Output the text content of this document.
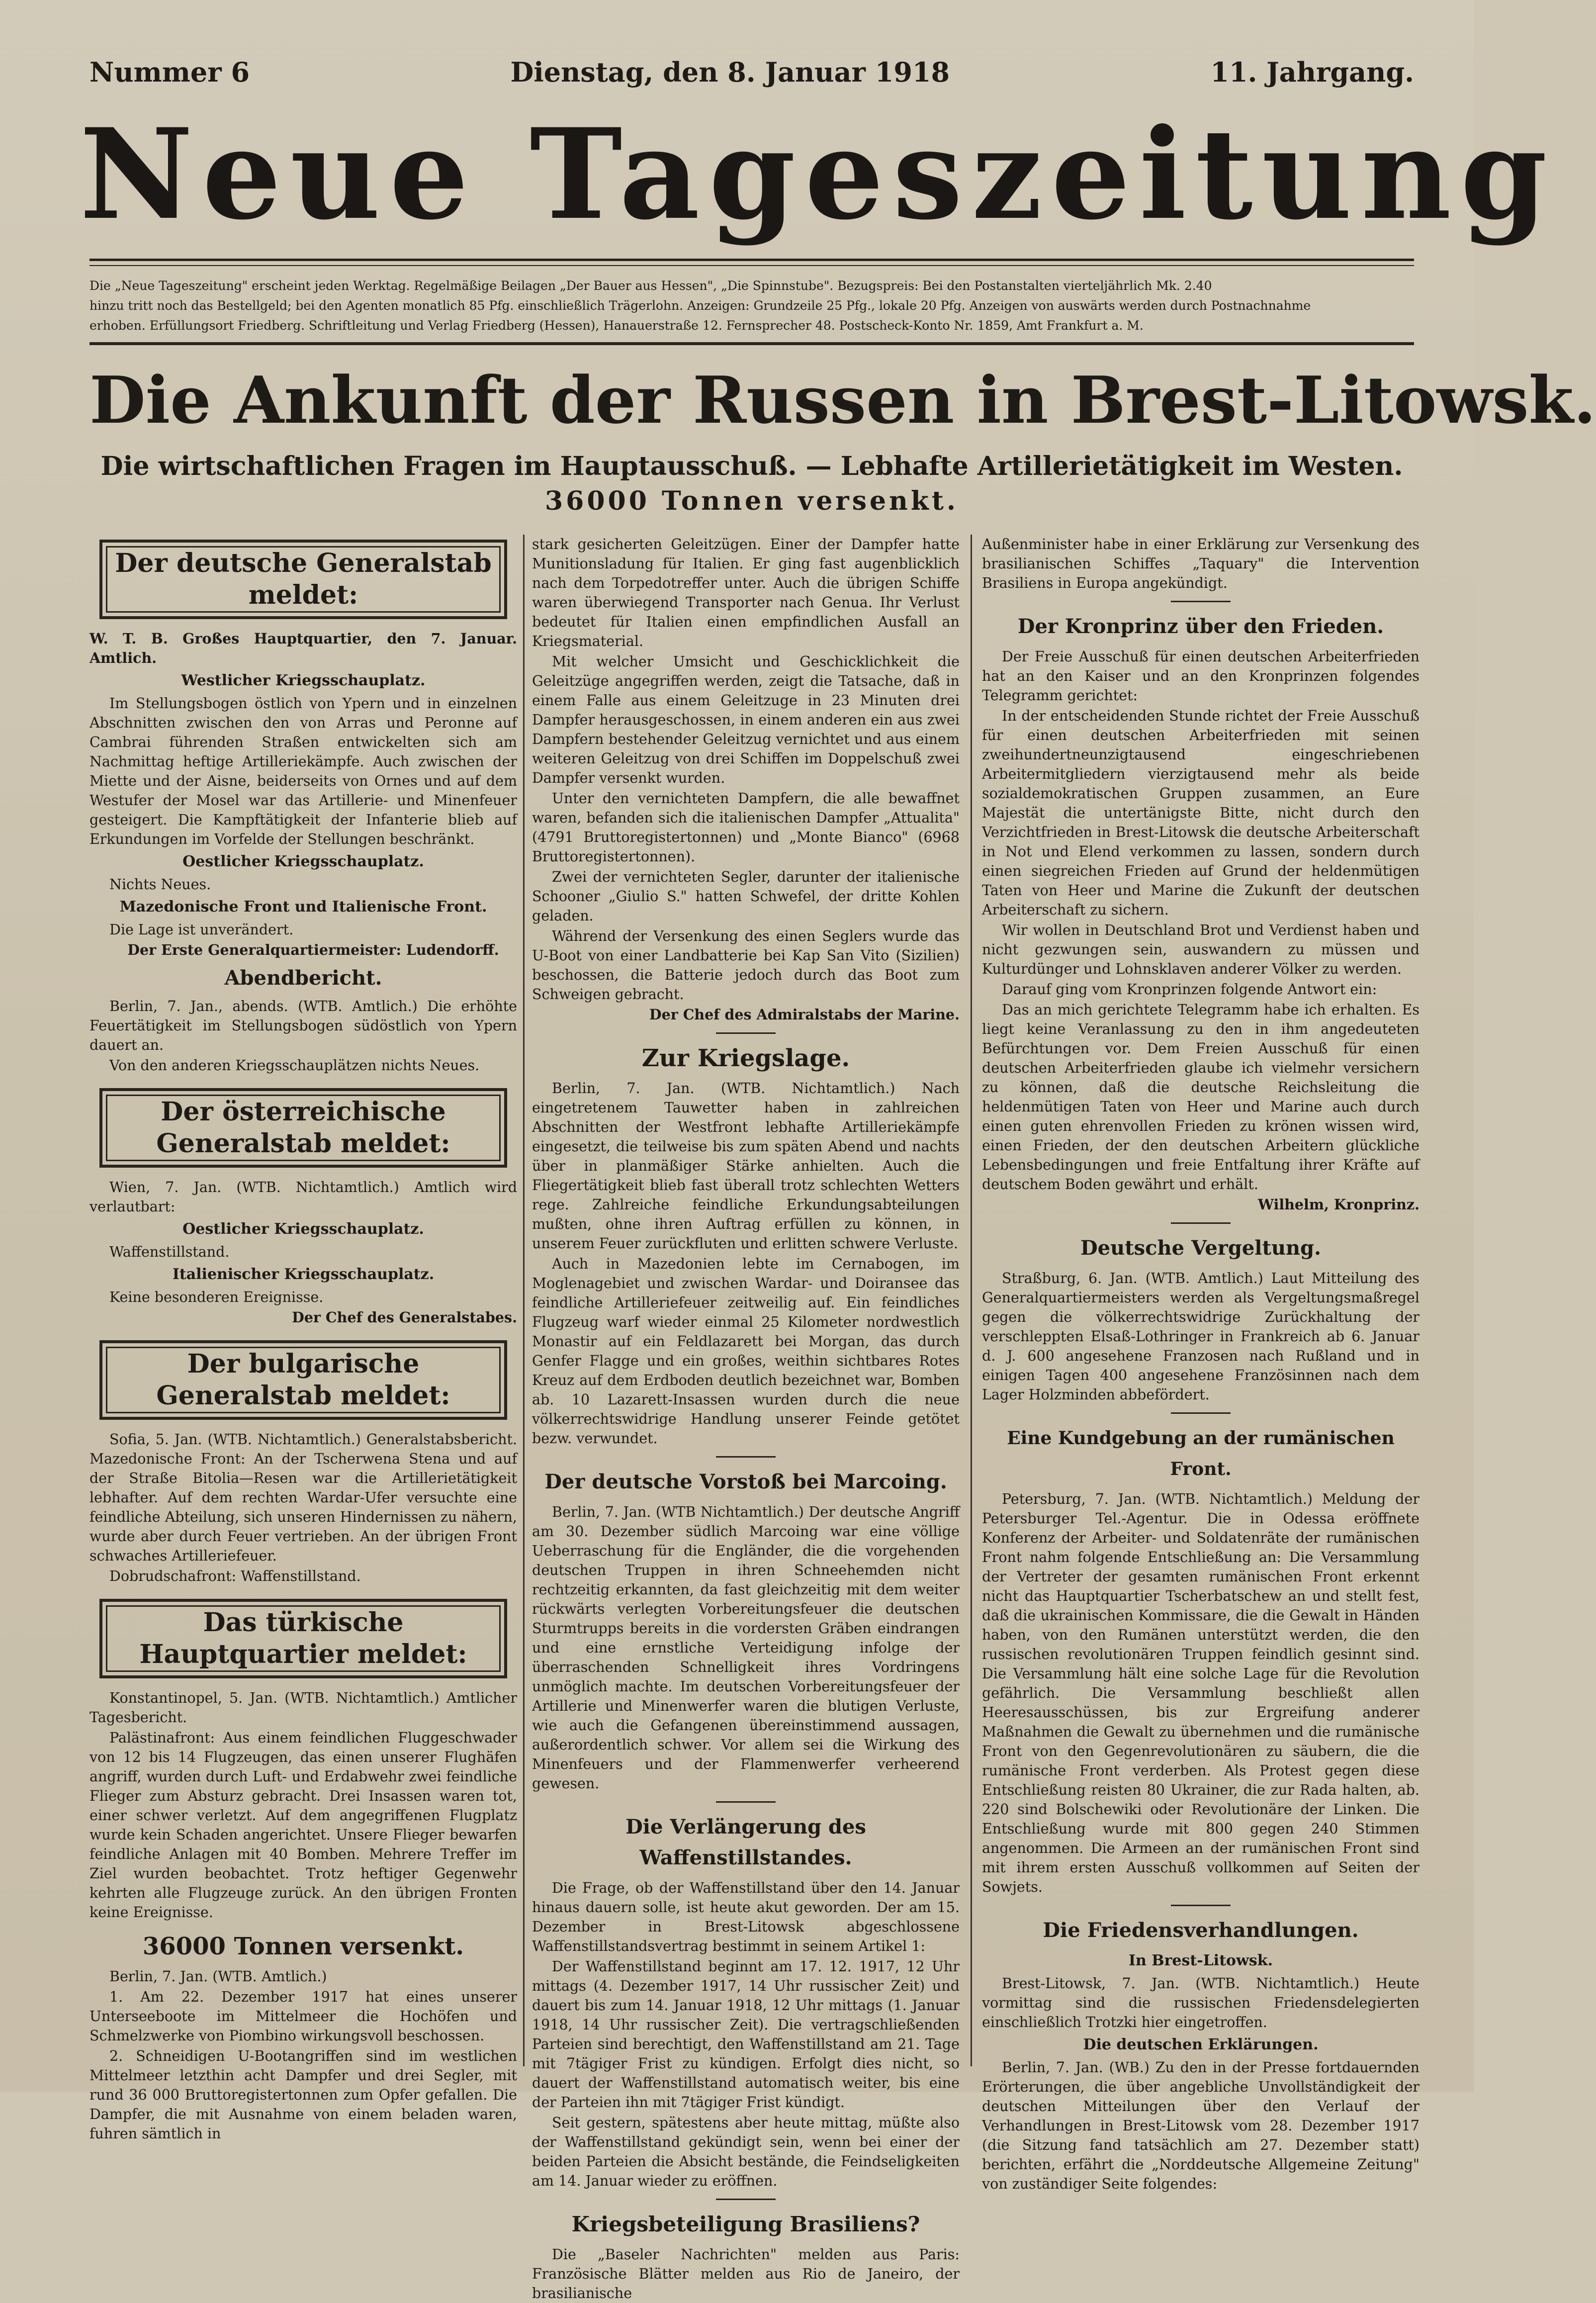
Nummer 6	Dienstag, den 8. Januar 1918	11. Jahrgang.
Neue Tageszeitung
Die „Neue Tageszeitung" erscheint jeden Werktag. Regelmäßige Beilagen „Der Bauer aus Hessen", „Die Spinnstube". Bezugspreis: Bei den Postanstalten vierteljährlich Mk. 2.40
hinzu tritt noch das Bestellgeld; bei den Agenten monatlich 85 Pfg. einschließlich Trägerlohn. Anzeigen: Grundzeile 25 Pfg., lokale 20 Pfg. Anzeigen von auswärts werden durch Postnachnahme
erhoben. Erfüllungsort Friedberg. Schriftleitung und Verlag Friedberg (Hessen), Hanauerstraße 12. Fernsprecher 48. Postscheck-Konto Nr. 1859, Amt Frankfurt a. M.
Die Ankunft der Russen in Brest-Litowsk.
Die wirtschaftlichen Fragen im Hauptausschuß. — Lebhafte Artillerietätigkeit im Westen.
36000 Tonnen versenkt.
Der deutsche Generalstab meldet:

W. T. B. Großes Hauptquartier, den 7. Januar. Amtlich.

Westlicher Kriegsschauplatz.

Im Stellungsbogen östlich von Ypern und in einzelnen Abschnitten zwischen den von Arras und Peronne auf Cambrai führenden Straßen entwickelten sich am Nachmittag heftige Artilleriekämpfe. Auch zwischen der Miette und der Aisne, beiderseits von Ornes und auf dem Westufer der Mosel war das Artillerie- und Minenfeuer gesteigert. Die Kampftätigkeit der Infanterie blieb auf Erkundungen im Vorfelde der Stellungen beschränkt.

Oestlicher Kriegsschauplatz.

Nichts Neues.

Mazedonische Front und Italienische Front.

Die Lage ist unverändert.

Der Erste Generalquartiermeister: Ludendorff.

Abendbericht.

Berlin, 7. Jan., abends. (WTB. Amtlich.) Die erhöhte Feuertätigkeit im Stellungsbogen südöstlich von Ypern dauert an.

Von den anderen Kriegsschauplätzen nichts Neues.

Der österreichische Generalstab meldet:

Wien, 7. Jan. (WTB. Nichtamtlich.) Amtlich wird verlautbart:

Oestlicher Kriegsschauplatz.

Waffenstillstand.

Italienischer Kriegsschauplatz.

Keine besonderen Ereignisse.

Der Chef des Generalstabes.

Der bulgarische Generalstab meldet:

Sofia, 5. Jan. (WTB. Nichtamtlich.) Generalstabsbericht. Mazedonische Front: An der Tscherwena Stena und auf der Straße Bitolia—Resen war die Artillerietätigkeit lebhafter. Auf dem rechten Wardar-Ufer versuchte eine feindliche Abteilung, sich unseren Hindernissen zu nähern, wurde aber durch Feuer vertrieben. An der übrigen Front schwaches Artilleriefeuer.

Dobrudschafront: Waffenstillstand.

Das türkische Hauptquartier meldet:

Konstantinopel, 5. Jan. (WTB. Nichtamtlich.) Amtlicher Tagesbericht.

Palästinafront: Aus einem feindlichen Fluggeschwader von 12 bis 14 Flugzeugen, das einen unserer Flughäfen angriff, wurden durch Luft- und Erdabwehr zwei feindliche Flieger zum Absturz gebracht. Drei Insassen waren tot, einer schwer verletzt. Auf dem angegriffenen Flugplatz wurde kein Schaden angerichtet. Unsere Flieger bewarfen feindliche Anlagen mit 40 Bomben. Mehrere Treffer im Ziel wurden beobachtet. Trotz heftiger Gegenwehr kehrten alle Flugzeuge zurück. An den übrigen Fronten keine Ereignisse.

36000 Tonnen versenkt.

Berlin, 7. Jan. (WTB. Amtlich.)

1. Am 22. Dezember 1917 hat eines unserer Unterseeboote im Mittelmeer die Hochöfen und Schmelzwerke von Piombino wirkungsvoll beschossen.

2. Schneidigen U-Bootangriffen sind im westlichen Mittelmeer letzthin acht Dampfer und drei Segler, mit rund 36 000 Bruttoregistertonnen zum Opfer gefallen. Die Dampfer, die mit Ausnahme von einem beladen waren, fuhren sämtlich in

stark gesicherten Geleitzügen. Einer der Dampfer hatte Munitionsladung für Italien. Er ging fast augenblicklich nach dem Torpedotreffer unter. Auch die übrigen Schiffe waren überwiegend Transporter nach Genua. Ihr Verlust bedeutet für Italien einen empfindlichen Ausfall an Kriegsmaterial.

Mit welcher Umsicht und Geschicklichkeit die Geleitzüge angegriffen werden, zeigt die Tatsache, daß in einem Falle aus einem Geleitzuge in 23 Minuten drei Dampfer herausgeschossen, in einem anderen ein aus zwei Dampfern bestehender Geleitzug vernichtet und aus einem weiteren Geleitzug von drei Schiffen im Doppelschuß zwei Dampfer versenkt wurden.

Unter den vernichteten Dampfern, die alle bewaffnet waren, befanden sich die italienischen Dampfer „Attualita" (4791 Bruttoregistertonnen) und „Monte Bianco" (6968 Bruttoregistertonnen).

Zwei der vernichteten Segler, darunter der italienische Schooner „Giulio S." hatten Schwefel, der dritte Kohlen geladen.

Während der Versenkung des einen Seglers wurde das U-Boot von einer Landbatterie bei Kap San Vito (Sizilien) beschossen, die Batterie jedoch durch das Boot zum Schweigen gebracht.

Der Chef des Admiralstabs der Marine.

Zur Kriegslage.

Berlin, 7. Jan. (WTB. Nichtamtlich.) Nach eingetretenem Tauwetter haben in zahlreichen Abschnitten der Westfront lebhafte Artilleriekämpfe eingesetzt, die teilweise bis zum späten Abend und nachts über in planmäßiger Stärke anhielten. Auch die Fliegertätigkeit blieb fast überall trotz schlechten Wetters rege. Zahlreiche feindliche Erkundungsabteilungen mußten, ohne ihren Auftrag erfüllen zu können, in unserem Feuer zurückfluten und erlitten schwere Verluste.

Auch in Mazedonien lebte im Cernabogen, im Moglenagebiet und zwischen Wardar- und Doiransee das feindliche Artilleriefeuer zeitweilig auf. Ein feindliches Flugzeug warf wieder einmal 25 Kilometer nordwestlich Monastir auf ein Feldlazarett bei Morgan, das durch Genfer Flagge und ein großes, weithin sichtbares Rotes Kreuz auf dem Erdboden deutlich bezeichnet war, Bomben ab. 10 Lazarett-Insassen wurden durch die neue völkerrechtswidrige Handlung unserer Feinde getötet bezw. verwundet.

Der deutsche Vorstoß bei Marcoing.

Berlin, 7. Jan. (WTB Nichtamtlich.) Der deutsche Angriff am 30. Dezember südlich Marcoing war eine völlige Ueberraschung für die Engländer, die die vorgehenden deutschen Truppen in ihren Schneehemden nicht rechtzeitig erkannten, da fast gleichzeitig mit dem weiter rückwärts verlegten Vorbereitungsfeuer die deutschen Sturmtrupps bereits in die vordersten Gräben eindrangen und eine ernstliche Verteidigung infolge der überraschenden Schnelligkeit ihres Vordringens unmöglich machte. Im deutschen Vorbereitungsfeuer der Artillerie und Minenwerfer waren die blutigen Verluste, wie auch die Gefangenen übereinstimmend aussagen, außerordentlich schwer. Vor allem sei die Wirkung des Minenfeuers und der Flammenwerfer verheerend gewesen.

Die Verlängerung des Waffenstillstandes.

Die Frage, ob der Waffenstillstand über den 14. Januar hinaus dauern solle, ist heute akut geworden. Der am 15. Dezember in Brest-Litowsk abgeschlossene Waffenstillstandsvertrag bestimmt in seinem Artikel 1:

Der Waffenstillstand beginnt am 17. 12. 1917, 12 Uhr mittags (4. Dezember 1917, 14 Uhr russischer Zeit) und dauert bis zum 14. Januar 1918, 12 Uhr mittags (1. Januar 1918, 14 Uhr russischer Zeit). Die vertragschließenden Parteien sind berechtigt, den Waffenstillstand am 21. Tage mit 7tägiger Frist zu kündigen. Erfolgt dies nicht, so dauert der Waffenstillstand automatisch weiter, bis eine der Parteien ihn mit 7tägiger Frist kündigt.

Seit gestern, spätestens aber heute mittag, müßte also der Waffenstillstand gekündigt sein, wenn bei einer der beiden Parteien die Absicht bestände, die Feindseligkeiten am 14. Januar wieder zu eröffnen.

Kriegsbeteiligung Brasiliens?

Die „Baseler Nachrichten" melden aus Paris: Französische Blätter melden aus Rio de Janeiro, der brasilianische

Außenminister habe in einer Erklärung zur Versenkung des brasilianischen Schiffes „Taquary" die Intervention Brasiliens in Europa angekündigt.

Der Kronprinz über den Frieden.

Der Freie Ausschuß für einen deutschen Arbeiterfrieden hat an den Kaiser und an den Kronprinzen folgendes Telegramm gerichtet:

In der entscheidenden Stunde richtet der Freie Ausschuß für einen deutschen Arbeiterfrieden mit seinen zweihundertneunzigtausend eingeschriebenen Arbeitermitgliedern vierzigtausend mehr als beide sozialdemokratischen Gruppen zusammen, an Eure Majestät die untertänigste Bitte, nicht durch den Verzichtfrieden in Brest-Litowsk die deutsche Arbeiterschaft in Not und Elend verkommen zu lassen, sondern durch einen siegreichen Frieden auf Grund der heldenmütigen Taten von Heer und Marine die Zukunft der deutschen Arbeiterschaft zu sichern.

Wir wollen in Deutschland Brot und Verdienst haben und nicht gezwungen sein, auswandern zu müssen und Kulturdünger und Lohnsklaven anderer Völker zu werden.

Darauf ging vom Kronprinzen folgende Antwort ein:

Das an mich gerichtete Telegramm habe ich erhalten. Es liegt keine Veranlassung zu den in ihm angedeuteten Befürchtungen vor. Dem Freien Ausschuß für einen deutschen Arbeiterfrieden glaube ich vielmehr versichern zu können, daß die deutsche Reichsleitung die heldenmütigen Taten von Heer und Marine auch durch einen guten ehrenvollen Frieden zu krönen wissen wird, einen Frieden, der den deutschen Arbeitern glückliche Lebensbedingungen und freie Entfaltung ihrer Kräfte auf deutschem Boden gewährt und erhält.

Wilhelm, Kronprinz.

Deutsche Vergeltung.

Straßburg, 6. Jan. (WTB. Amtlich.) Laut Mitteilung des Generalquartiermeisters werden als Vergeltungsmaßregel gegen die völkerrechtswidrige Zurückhaltung der verschleppten Elsaß-Lothringer in Frankreich ab 6. Januar d. J. 600 angesehene Franzosen nach Rußland und in einigen Tagen 400 angesehene Französinnen nach dem Lager Holzminden abbefördert.

Eine Kundgebung an der rumänischen Front.

Petersburg, 7. Jan. (WTB. Nichtamtlich.) Meldung der Petersburger Tel.-Agentur. Die in Odessa eröffnete Konferenz der Arbeiter- und Soldatenräte der rumänischen Front nahm folgende Entschließung an: Die Versammlung der Vertreter der gesamten rumänischen Front erkennt nicht das Hauptquartier Tscherbatschew an und stellt fest, daß die ukrainischen Kommissare, die die Gewalt in Händen haben, von den Rumänen unterstützt werden, die den russischen revolutionären Truppen feindlich gesinnt sind. Die Versammlung hält eine solche Lage für die Revolution gefährlich. Die Versammlung beschließt allen Heeresausschüssen, bis zur Ergreifung anderer Maßnahmen die Gewalt zu übernehmen und die rumänische Front von den Gegenrevolutionären zu säubern, die die rumänische Front verderben. Als Protest gegen diese Entschließung reisten 80 Ukrainer, die zur Rada halten, ab. 220 sind Bolschewiki oder Revolutionäre der Linken. Die Entschließung wurde mit 800 gegen 240 Stimmen angenommen. Die Armeen an der rumänischen Front sind mit ihrem ersten Ausschuß vollkommen auf Seiten der Sowjets.

Die Friedensverhandlungen.
In Brest-Litowsk.

Brest-Litowsk, 7. Jan. (WTB. Nichtamtlich.) Heute vormittag sind die russischen Friedensdelegierten einschließlich Trotzki hier eingetroffen.

Die deutschen Erklärungen.

Berlin, 7. Jan. (WB.) Zu den in der Presse fortdauernden Erörterungen, die über angebliche Unvollständigkeit der deutschen Mitteilungen über den Verlauf der Verhandlungen in Brest-Litowsk vom 28. Dezember 1917 (die Sitzung fand tatsächlich am 27. Dezember statt) berichten, erfährt die „Norddeutsche Allgemeine Zeitung" von zuständiger Seite folgendes:
